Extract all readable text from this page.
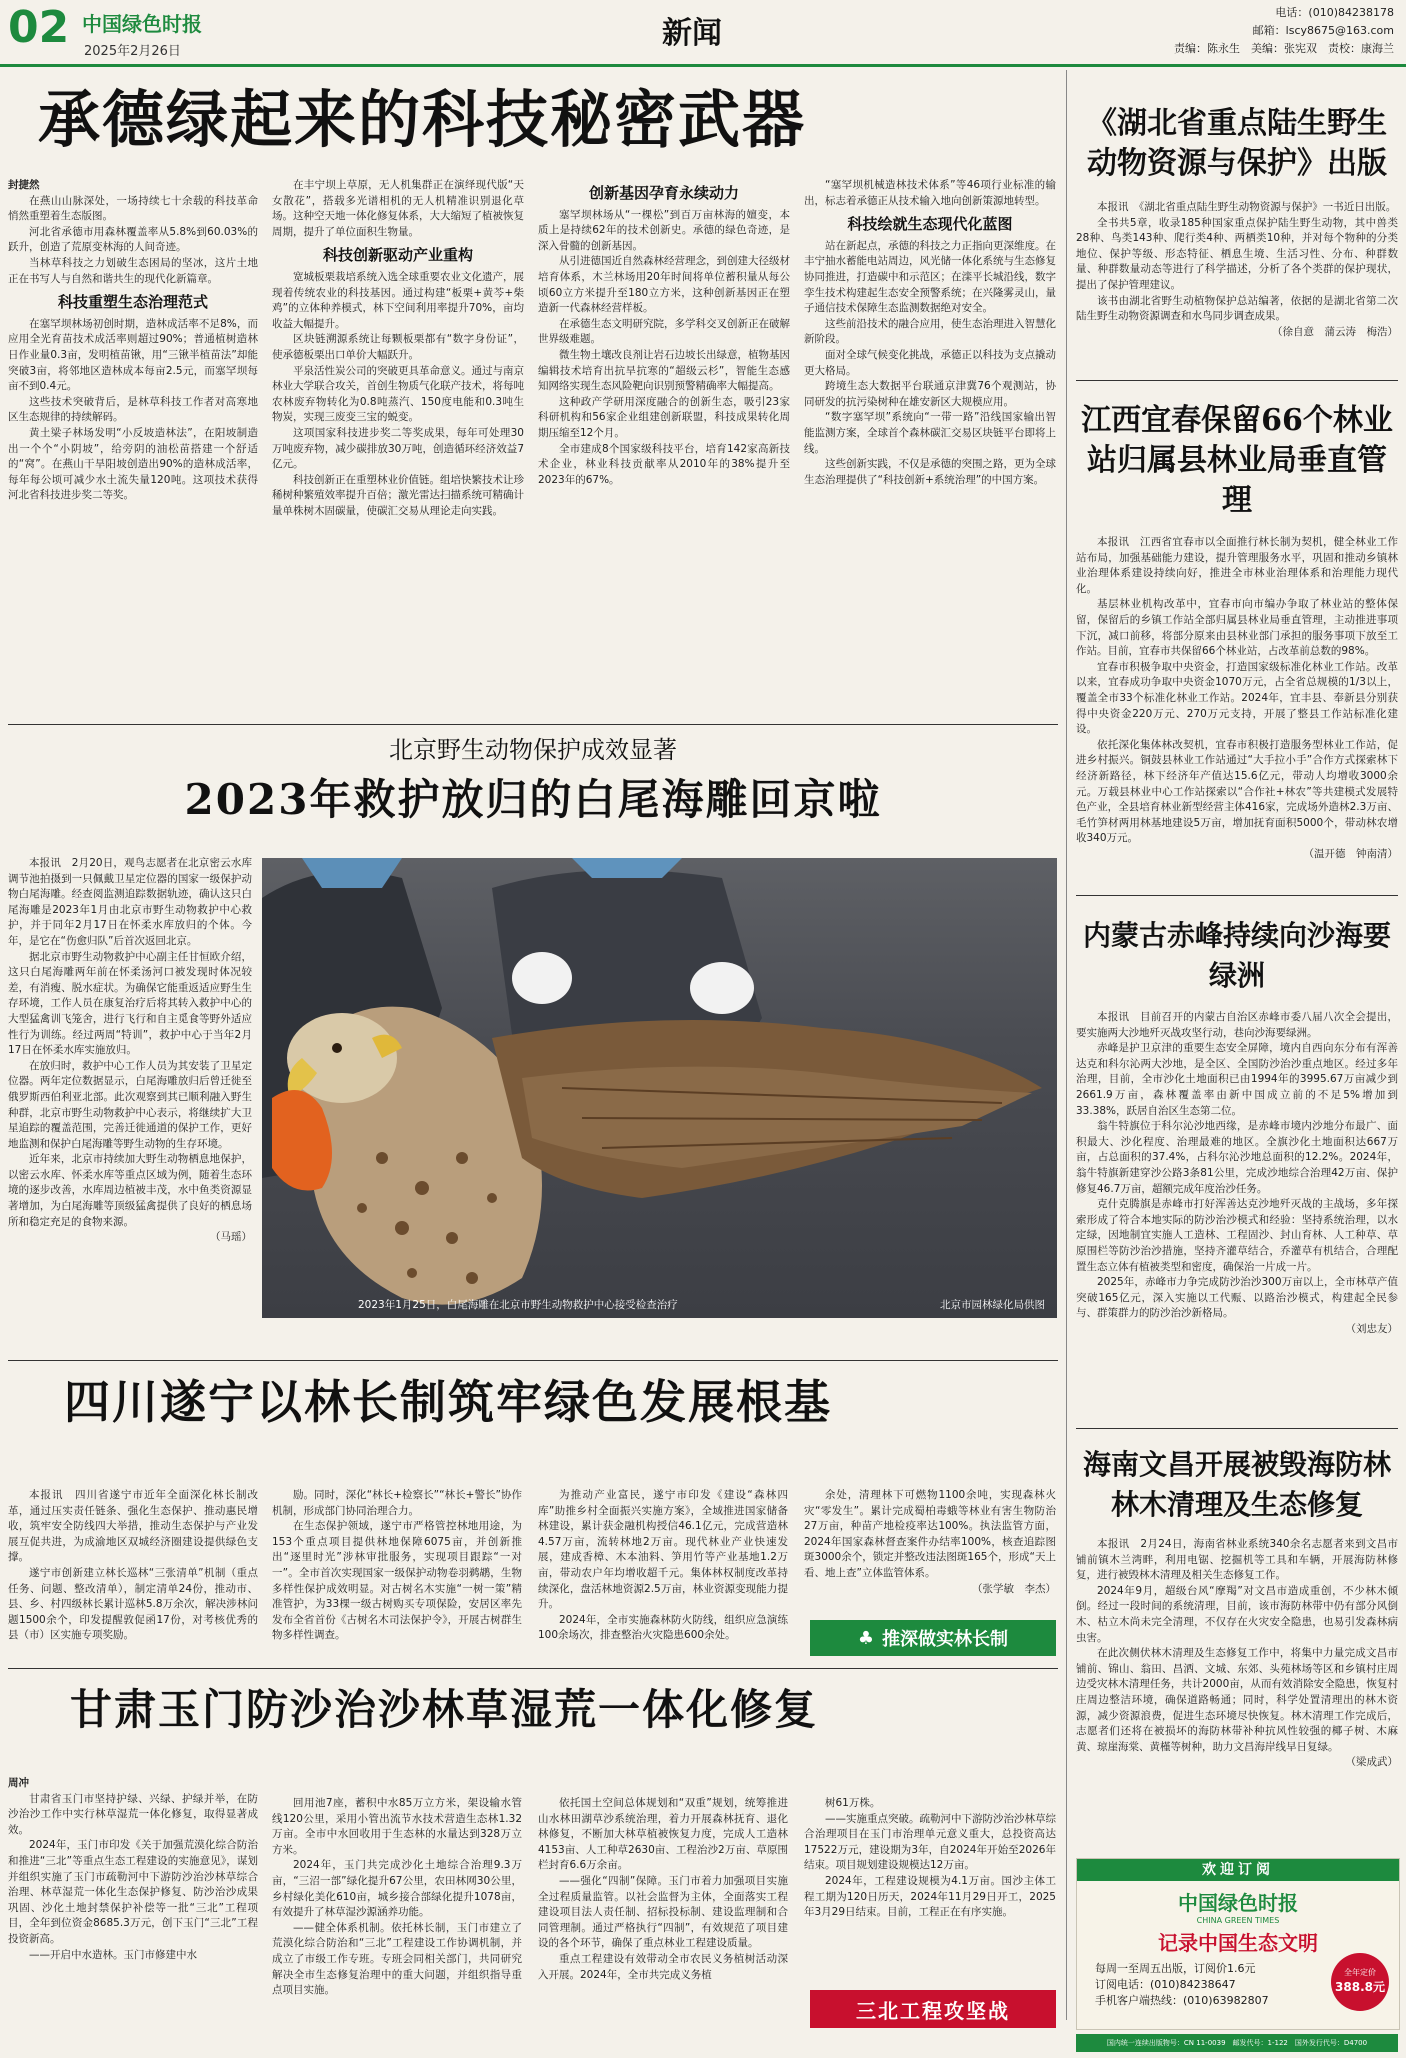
02 中国绿色时报
2025年2月26日
新闻
电话：(010)84238178
邮箱：lscy8675@163.com
责编：陈永生　美编：张宪双　责校：康海兰
承德绿起来的科技秘密武器
封捷然

在燕山山脉深处，一场持续七十余载的科技革命悄然重塑着生态版图。

河北省承德市用森林覆盖率从5.8%到60.03%的跃升，创造了荒原变林海的人间奇迹。

当林草科技之力划破生态困局的坚冰，这片土地正在书写人与自然和谐共生的现代化新篇章。

科技重塑生态治理范式

在塞罕坝林场初创时期，造林成活率不足8%，而应用全光育苗技术成活率则超过90%；普通植树造林日作业量0.3亩，发明植苗锹，用“三锹半植苗法”却能突破3亩，将邻地区造林成本每亩2.5元，而塞罕坝每亩不到0.4元。

这些技术突破背后，是林草科技工作者对高寒地区生态规律的持续解码。

黄土梁子林场发明“小反坡造林法”，在阳坡制造出一个个“小阴坡”，给旁阴的油松苗搭建一个舒适的“窝”。在燕山干旱阳坡创造出90%的造林成活率，每年每公顷可减少水土流失量120吨。这项技术获得河北省科技进步奖二等奖。

在丰宁坝上草原，无人机集群正在演绎现代版“天女散花”，搭载多光谱相机的无人机精准识别退化草场。这种空天地一体化修复体系，大大缩短了植被恢复周期，提升了单位面积生物量。

科技创新驱动产业重构

宽城板栗栽培系统入选全球重要农业文化遗产，展现着传统农业的科技基因。通过构建“板栗+黄芩+柴鸡”的立体种养模式，林下空间利用率提升70%，亩均收益大幅提升。

区块链溯源系统让每颗板栗都有“数字身份证”，使承德板栗出口单价大幅跃升。

平泉活性炭公司的突破更具革命意义。通过与南京林业大学联合攻关，首创生物质气化联产技术，将每吨农林废弃物转化为0.8吨蒸汽、150度电能和0.3吨生物炭，实现三废变三宝的蜕变。

这项国家科技进步奖二等奖成果，每年可处理30万吨废弃物，减少碳排放30万吨，创造循环经济效益7亿元。

科技创新正在重塑林业价值链。组培快繁技术让珍稀树种繁殖效率提升百倍；激光雷达扫描系统可精确计量单株树木固碳量，使碳汇交易从理论走向实践。

创新基因孕育永续动力

塞罕坝林场从“一棵松”到百万亩林海的嬗变，本质上是持续62年的技术创新史。承德的绿色奇迹，是深入骨髓的创新基因。

从引进德国近自然森林经营理念，到创建大径级材培育体系，木兰林场用20年时间将单位蓄积量从每公顷60立方米提升至180立方米，这种创新基因正在塑造新一代森林经营样板。

在承德生态文明研究院，多学科交叉创新正在破解世界级难题。

微生物土壤改良剂让岩石边坡长出绿意，植物基因编辑技术培育出抗旱抗寒的“超级云杉”，智能生态感知网络实现生态风险靶向识别预警精确率大幅提高。

这种政产学研用深度融合的创新生态，吸引23家科研机构和56家企业组建创新联盟，科技成果转化周期压缩至12个月。

全市建成8个国家级科技平台，培育142家高新技术企业，林业科技贡献率从2010年的38%提升至2023年的67%。

“塞罕坝机械造林技术体系”等46项行业标准的输出，标志着承德正从技术输入地向创新策源地转型。

科技绘就生态现代化蓝图

站在新起点，承德的科技之力正指向更深维度。在丰宁抽水蓄能电站周边，风光储一体化系统与生态修复协同推进，打造碳中和示范区；在滦平长城沿线，数字孪生技术构建起生态安全预警系统；在兴隆雾灵山，量子通信技术保障生态监测数据绝对安全。

这些前沿技术的融合应用，使生态治理进入智慧化新阶段。

面对全球气候变化挑战，承德正以科技为支点撬动更大格局。

跨境生态大数据平台联通京津冀76个观测站，协同研发的抗污染树种在雄安新区大规模应用。

“数字塞罕坝”系统向“一带一路”沿线国家输出智能监测方案，全球首个森林碳汇交易区块链平台即将上线。

这些创新实践，不仅是承德的突围之路，更为全球生态治理提供了“科技创新+系统治理”的中国方案。

北京野生动物保护成效显著
2023年救护放归的白尾海雕回京啦

本报讯　2月20日，观鸟志愿者在北京密云水库调节池拍摄到一只佩戴卫星定位器的国家一级保护动物白尾海雕。经查阅监测追踪数据轨迹，确认这只白尾海雕是2023年1月由北京市野生动物救护中心救护，并于同年2月17日在怀柔水库放归的个体。今年，是它在“伤愈归队”后首次返回北京。

据北京市野生动物救护中心副主任甘恒欧介绍，这只白尾海雕两年前在怀柔汤河口被发现时体况较差，有消瘦、脱水症状。为确保它能重返适应野生生存环境，工作人员在康复治疗后将其转入救护中心的大型猛禽训飞笼舍，进行飞行和自主觅食等野外适应性行为训练。经过两周“特训”，救护中心于当年2月17日在怀柔水库实施放归。

在放归时，救护中心工作人员为其安装了卫星定位器。两年定位数据显示，白尾海雕放归后曾迁徙至俄罗斯西伯利亚北部。此次观察到其已顺利融入野生种群，北京市野生动物救护中心表示，将继续扩大卫星追踪的覆盖范围，完善迁徙通道的保护工作，更好地监测和保护白尾海雕等野生动物的生存环境。

近年来，北京市持续加大野生动物栖息地保护，以密云水库、怀柔水库等重点区域为例，随着生态环境的逐步改善，水库周边植被丰茂，水中鱼类资源显著增加，为白尾海雕等顶级猛禽提供了良好的栖息场所和稳定充足的食物来源。

（马瑶）
2023年1月25日，白尾海雕在北京市野生动物救护中心接受检查治疗	北京市园林绿化局供图
四川遂宁以林长制筑牢绿色发展根基

本报讯　四川省遂宁市近年全面深化林长制改革，通过压实责任链条、强化生态保护、推动惠民增收，筑牢安全防线四大举措，推动生态保护与产业发展互促共进，为成渝地区双城经济圈建设提供绿色支撑。

遂宁市创新建立林长巡林“三张清单”机制（重点任务、问题、整改清单），制定清单24份，推动市、县、乡、村四级林长累计巡林5.8万余次，解决涉林问题1500余个，印发提醒敦促函17份，对考核优秀的县（市）区实施专项奖励。

励。同时，深化“林长+检察长”“林长+警长”协作机制，形成部门协同治理合力。

在生态保护领域，遂宁市严格管控林地用途，为153个重点项目提供林地保障6075亩，并创新推出“逐里时光”涉林审批服务，实现项目跟踪“一对一”。全市首次实现国家一级保护动物卷羽鹈鹕，生物多样性保护成效明显。对古树名木实施“一树一策”精准管护，为33棵一级古树购买专项保险，安居区率先发布全省首份《古树名木司法保护令》，开展古树群生物多样性调查。

为推动产业富民，遂宁市印发《建设“森林四库”助推乡村全面振兴实施方案》，全域推进国家储备林建设，累计获金融机构授信46.1亿元，完成营造林4.57万亩，流转林地2万亩。现代林业产业快速发展，建成香樟、木本油料、笋用竹等产业基地1.2万亩，带动农户年均增收超千元。集体林权制度改革持续深化，盘活林地资源2.5万亩，林业资源变现能力提升。

2024年，全市实施森林防火防线，组织应急演练100余场次，排查整治火灾隐患600余处。

余处，清理林下可燃物1100余吨，实现森林火灾“零发生”。累计完成蜀柏毒蛾等林业有害生物防治27万亩，种苗产地检疫率达100%。执法监管方面，2024年国家森林督查案件办结率100%，核查追踪图斑3000余个，锁定并整改违法图斑165个，形成“天上看、地上查”立体监管体系。

（张学敏　李杰）
♣ 推深做实林长制
甘肃玉门防沙治沙林草湿荒一体化修复
周冲

甘肃省玉门市坚持护绿、兴绿、护绿并举，在防沙治沙工作中实行林草湿荒一体化修复，取得显著成效。

2024年，玉门市印发《关于加强荒漠化综合防治和推进“三北”等重点生态工程建设的实施意见》，谋划并组织实施了玉门市疏勒河中下游防沙治沙林草综合治理、林草湿荒一体化生态保护修复、防沙治沙成果巩固、沙化土地封禁保护补偿等一批“三北”工程项目，全年到位资金8685.3万元，创下玉门“三北”工程投资新高。

——开启中水造林。玉门市修建中水

回用池7座，蓄积中水85万立方米，架设输水管线120公里，采用小管出流节水技术营造生态林1.32万亩。全市中水回收用于生态林的水量达到328万立方米。

2024年，玉门共完成沙化土地综合治理9.3万亩，“三沼一部”绿化提升67公里，农田林网30公里，乡村绿化美化610亩，城乡接合部绿化提升1078亩，有效提升了林草湿沙源涵养功能。

——健全体系机制。依托林长制，玉门市建立了荒漠化综合防治和“三北”工程建设工作协调机制，并成立了市级工作专班。专班会同相关部门，共同研究解决全市生态修复治理中的重大问题，并组织指导重点项目实施。

依托国土空间总体规划和“双重”规划，统筹推进山水林田湖草沙系统治理，着力开展森林抚育、退化林修复，不断加大林草植被恢复力度，完成人工造林4153亩、人工种草2630亩、工程治沙2万亩、草原围栏封育6.6万余亩。

——强化“四制”保障。玉门市着力加强项目实施全过程质量监管。以社会监督为主体，全面落实工程建设项目法人责任制、招标投标制、建设监理制和合同管理制。通过严格执行“四制”，有效规范了项目建设的各个环节，确保了重点林业工程建设质量。

重点工程建设有效带动全市农民义务植树活动深入开展。2024年，全市共完成义务植

树61万株。

——实施重点突破。疏勒河中下游防沙治沙林草综合治理项目在玉门市治理单元意义重大，总投资高达17522万元，建设期为3年，自2024年开始至2026年结束。项目规划建设规模达12万亩。

2024年，工程建设规模为4.1万亩。国沙主体工程工期为120日历天，2024年11月29日开工，2025年3月29日结束。目前，工程正在有序实施。

三北工程攻坚战
《湖北省重点陆生野生动物资源与保护》出版

本报讯　《湖北省重点陆生野生动物资源与保护》一书近日出版。

全书共5章，收录185种国家重点保护陆生野生动物，其中兽类28种、鸟类143种、爬行类4种、两栖类10种，并对每个物种的分类地位、保护等级、形态特征、栖息生境、生活习性、分布、种群数量、种群数量动态等进行了科学描述，分析了各个类群的保护现状，提出了保护管理建议。

该书由湖北省野生动植物保护总站编著，依据的是湖北省第二次陆生野生动物资源调查和水鸟同步调查成果。

（徐自意　蒲云涛　梅浩）
江西宜春保留66个林业站归属县林业局垂直管理

本报讯　江西省宜春市以全面推行林长制为契机，健全林业工作站布局，加强基础能力建设，提升管理服务水平，巩固和推动乡镇林业治理体系建设持续向好，推进全市林业治理体系和治理能力现代化。

基层林业机构改革中，宜春市向市编办争取了林业站的整体保留，保留后的乡镇工作站全部归属县林业局垂直管理，主动推进事项下沉，减口前移，将部分原来由县林业部门承担的服务事项下放至工作站。目前，宜春市共保留66个林业站，占改革前总数的98%。

宜春市积极争取中央资金，打造国家级标准化林业工作站。改革以来，宜春成功争取中央资金1070万元，占全省总规模的1/3以上，覆盖全市33个标准化林业工作站。2024年，宜丰县、奉新县分别获得中央资金220万元、270万元支持，开展了整县工作站标准化建设。

依托深化集体林改契机，宜春市积极打造服务型林业工作站，促进乡村振兴。铜鼓县林业工作站通过“大手拉小手”合作方式探索林下经济新路径，林下经济年产值达15.6亿元，带动人均增收3000余元。万载县林业中心工作站探索以“合作社+林农”等共建模式发展特色产业，全县培育林业新型经营主体416家，完成场外造林2.3万亩、毛竹笋材两用林基地建设5万亩，增加抚育面积5000个，带动林农增收340万元。

（温开德　钟南清）
内蒙古赤峰持续向沙海要绿洲

本报讯　目前召开的内蒙古自治区赤峰市委八届八次全会提出，要实施两大沙地歼灭战攻坚行动，巷向沙海要绿洲。

赤峰是护卫京津的重要生态安全屏障，境内自西向东分布有浑善达克和科尔沁两大沙地，是全区、全国防沙治沙重点地区。经过多年治理，目前，全市沙化土地面积已由1994年的3995.67万亩减少到2661.9万亩，森林覆盖率由新中国成立前的不足5%增加到33.38%，跃居自治区生态第二位。

翁牛特旗位于科尔沁沙地西缘，是赤峰市境内沙地分布最广、面积最大、沙化程度、治理最难的地区。全旗沙化土地面积达667万亩，占总面积的37.4%，占科尔沁沙地总面积的12.2%。2024年，翁牛特旗新建穿沙公路3条81公里，完成沙地综合治理42万亩、保护修复46.7万亩，超额完成年度治沙任务。

克什克腾旗是赤峰市打好浑善达克沙地歼灭战的主战场，多年探索形成了符合本地实际的防沙治沙模式和经验：坚持系统治理，以水定绿，因地制宜实施人工造林、工程固沙、封山育林、人工种草、草原围栏等防沙治沙措施，坚持齐灌草结合，乔灌草有机结合，合理配置生态立体有植被类型和密度，确保治一片成一片。

2025年，赤峰市力争完成防沙治沙300万亩以上，全市林草产值突破165亿元，深入实施以工代赈、以路治沙模式，构建起全民参与、群策群力的防沙治沙新格局。

（刘忠友）
海南文昌开展被毁海防林林木清理及生态修复

本报讯　2月24日，海南省林业系统340余名志愿者来到文昌市铺前镇木兰湾畔，利用电锯、挖掘机等工具和车辆，开展海防林修复，进行被毁林木清理及相关生态修复工作。

2024年9月，超级台风“摩羯”对文昌市造成重创，不少林木倾倒。经过一段时间的系统清理，目前，该市海防林带中仍有部分风倒木、枯立木尚未完全清理，不仅存在火灾安全隐患，也易引发森林病虫害。

在此次侧伏林木清理及生态修复工作中，将集中力量完成文昌市铺前、锦山、翁田、昌洒、文城、东郊、头苑林场等区和乡镇村庄周边受灾林木清理任务，共计2000亩，从而有效消除安全隐患，恢复村庄周边整洁环境，确保道路畅通；同时，科学处置清理出的林木资源，减少资源浪费，促进生态环境尽快恢复。林木清理工作完成后，志愿者们还将在被损坏的海防林带补种抗风性较强的椰子树、木麻黄、琼崖海棠、黄槿等树种，助力文昌海岸线早日复绿。

（梁成武）
欢迎订阅
中国绿色时报
CHINA GREEN TIMES
记录中国生态文明
每周一至周五出版，订阅价1.6元
订阅电话：(010)84238647
手机客户端热线：(010)63982807
全年定价
388.8元
国内统一连续出版物号：CN 11-0039　邮发代号：1-122　国外发行代号：D4700
